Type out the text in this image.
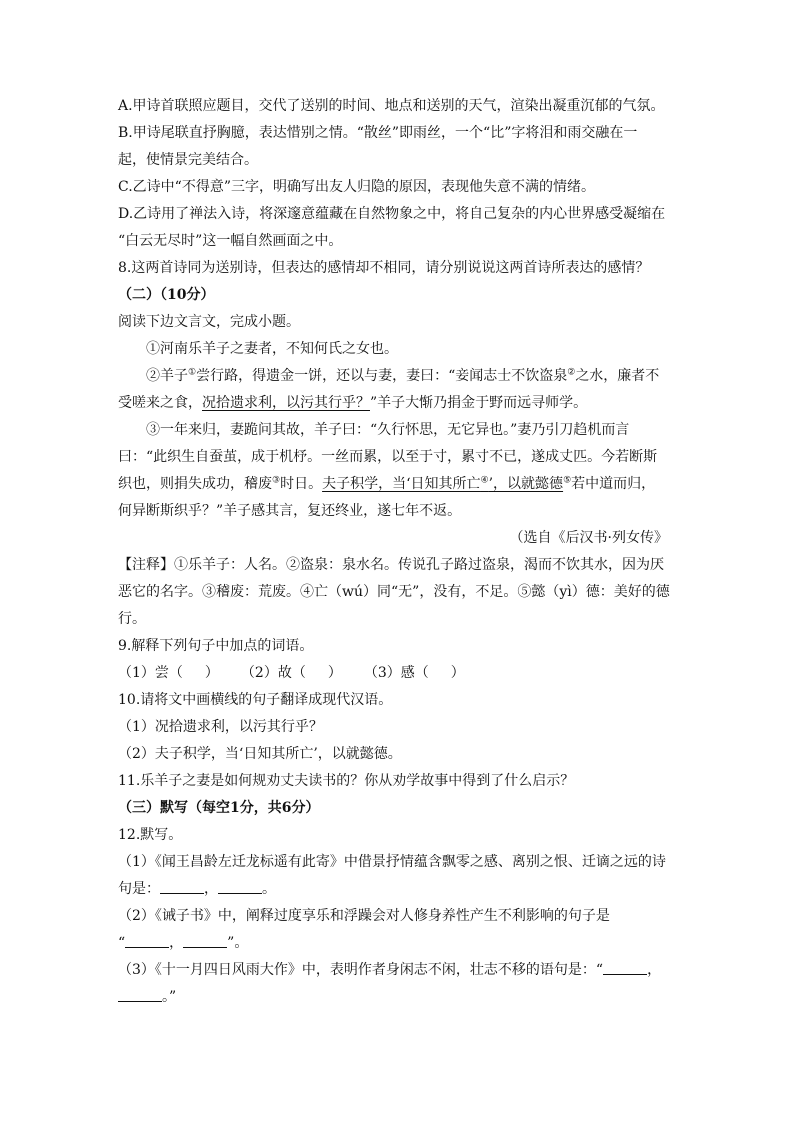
A.甲诗首联照应题目，交代了送别的时间、地点和送别的天气，渲染出凝重沉郁的气氛。
B.甲诗尾联直抒胸臆，表达惜别之情。“散丝”即雨丝，一个“比”字将泪和雨交融在一
起，使情景完美结合。
C.乙诗中“不得意”三字，明确写出友人归隐的原因，表现他失意不满的情绪。
D.乙诗用了禅法入诗，将深邃意蕴藏在自然物象之中，将自己复杂的内心世界感受凝缩在
“白云无尽时”这一幅自然画面之中。
8.这两首诗同为送别诗，但表达的感情却不相同，请分别说说这两首诗所表达的感情？
（二）（10分）
阅读下边文言文，完成小题。
①河南乐羊子之妻者，不知何氏之女也。
②羊子①尝行路，得遗金一饼，还以与妻，妻曰：“妾闻志士不饮盗泉②之水，廉者不
受嗟来之食，况拾遗求利，以污其行乎？”羊子大惭乃捐金于野而远寻师学。
③一年来归，妻跪问其故，羊子曰：“久行怀思，无它异也。”妻乃引刀趋机而言
曰：“此织生自蚕茧，成于机杼。一丝而累，以至于寸，累寸不已，遂成丈匹。今若断斯
织也，则捐失成功，稽废③时日。夫子积学，当‘日知其所亡④’，以就懿德⑤若中道而归，
何异断斯织乎？”羊子感其言，复还终业，遂七年不返。
（选自《后汉书·列女传》
【注释】①乐羊子：人名。②盗泉：泉水名。传说孔子路过盗泉，渴而不饮其水，因为厌
恶它的名字。③稽废：荒废。④亡（wú）同“无”，没有，不足。⑤懿（yì）德：美好的德
行。
9.解释下列句子中加点的词语。
（1）尝（ ） （2）故（ ） （3）感（ ）
10.请将文中画横线的句子翻译成现代汉语。
（1）况拾遗求利，以污其行乎？
（2）夫子积学，当‘日知其所亡’，以就懿德。
11.乐羊子之妻是如何规劝丈夫读书的？你从劝学故事中得到了什么启示？
（三）默写（每空1分，共6分）
12.默写。
（1）《闻王昌龄左迁龙标遥有此寄》中借景抒情蕴含飘零之感、离别之恨、迁谪之远的诗
句是：	，	。
（2）《诫子书》中，阐释过度享乐和浮躁会对人修身养性产生不利影响的句子是
“	，	”。
（3）《十一月四日风雨大作》中，表明作者身闲志不闲，壮志不移的语句是：“	，
。”
